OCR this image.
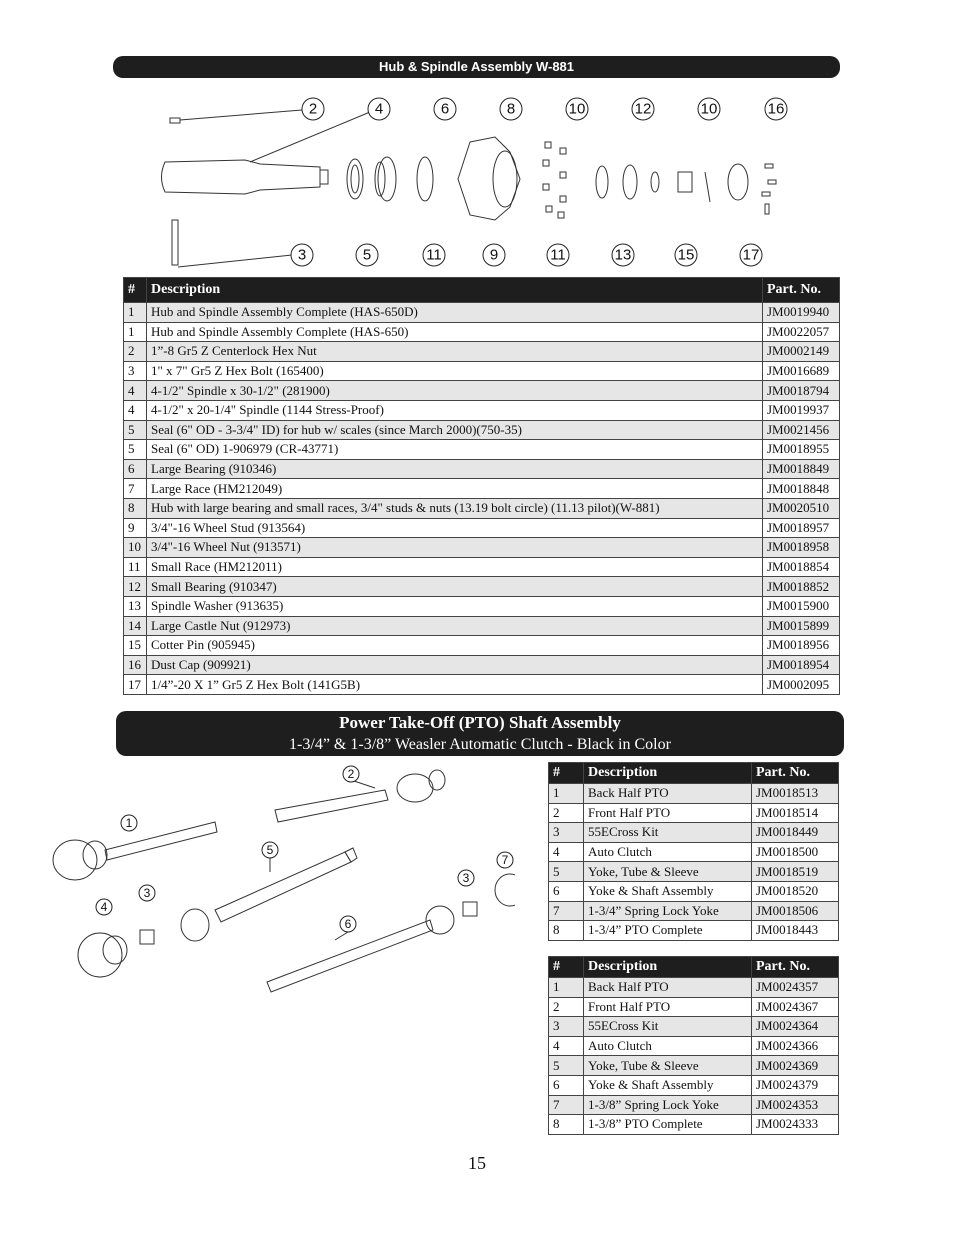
Hub & Spindle Assembly W-881
2	4	6	8	10	12	10	16
3	5	11	9	11	13	15	17
#	Description	Part. No.
1	Hub and Spindle Assembly Complete (HAS-650D)	JM0019940
1	Hub and Spindle Assembly Complete (HAS-650)	JM0022057
2	1”-8 Gr5 Z Centerlock Hex Nut	JM0002149
3	1" x 7" Gr5 Z Hex Bolt (165400)	JM0016689
4	4-1/2" Spindle x 30-1/2" (281900)	JM0018794
4	4-1/2" x 20-1/4" Spindle (1144 Stress-Proof)	JM0019937
5	Seal (6" OD - 3-3/4" ID) for hub w/ scales (since March 2000)(750-35)	JM0021456
5	Seal (6" OD) 1-906979 (CR-43771)	JM0018955
6	Large Bearing (910346)	JM0018849
7	Large Race (HM212049)	JM0018848
8	Hub with large bearing and small races, 3/4" studs & nuts (13.19 bolt circle) (11.13 pilot)(W-881)	JM0020510
9	3/4"-16 Wheel Stud (913564)	JM0018957
10	3/4"-16 Wheel Nut (913571)	JM0018958
11	Small Race (HM212011)	JM0018854
12	Small Bearing (910347)	JM0018852
13	Spindle Washer (913635)	JM0015900
14	Large Castle Nut (912973)	JM0015899
15	Cotter Pin (905945)	JM0018956
16	Dust Cap (909921)	JM0018954
17	1/4”-20 X 1” Gr5 Z Hex Bolt (141G5B)	JM0002095
Power Take-Off (PTO) Shaft Assembly
1-3/4” & 1-3/8” Weasler Automatic Clutch - Black in Color
1
2
3
4
5
6
3
7
#	Description	Part. No.
1	Back Half PTO	JM0018513
2	Front Half PTO	JM0018514
3	55ECross Kit	JM0018449
4	Auto Clutch	JM0018500
5	Yoke, Tube & Sleeve	JM0018519
6	Yoke & Shaft Assembly	JM0018520
7	1-3/4” Spring Lock Yoke	JM0018506
8	1-3/4” PTO Complete	JM0018443
#	Description	Part. No.
1	Back Half PTO	JM0024357
2	Front Half PTO	JM0024367
3	55ECross Kit	JM0024364
4	Auto Clutch	JM0024366
5	Yoke, Tube & Sleeve	JM0024369
6	Yoke & Shaft Assembly	JM0024379
7	1-3/8” Spring Lock Yoke	JM0024353
8	1-3/8” PTO Complete	JM0024333
15
